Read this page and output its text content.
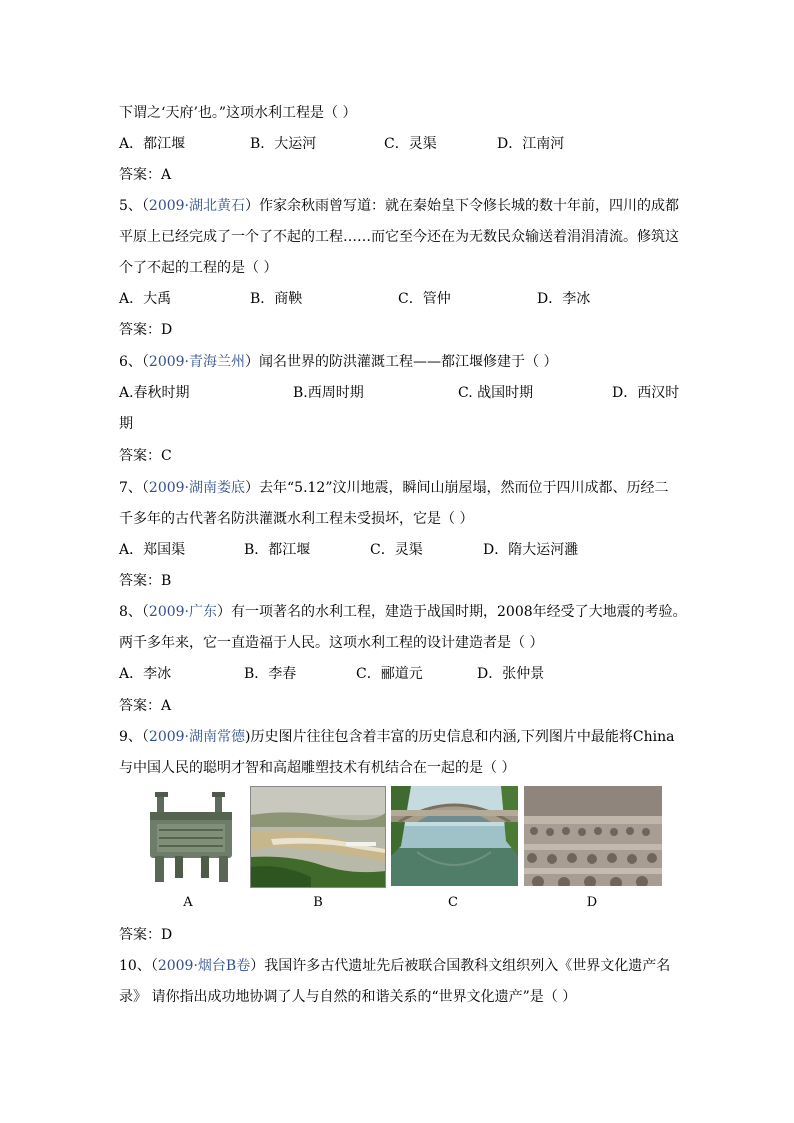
下谓之‘天府’也。”这项水利工程是（ ）
A．都江堰	B．大运河	C．灵渠	D．江南河
答案：A
5、（2009·湖北黄石）作家余秋雨曾写道：就在秦始皇下令修长城的数十年前，四川的成都
平原上已经完成了一个了不起的工程……而它至今还在为无数民众输送着涓涓清流。修筑这
个了不起的工程的是（ ）
A．大禹	B．商鞅	C．管仲	D．李冰
答案：D
6、（2009·青海兰州）闻名世界的防洪灌溉工程——都江堰修建于（ ）
A.春秋时期	B.西周时期	C. 战国时期	D．西汉时
期
答案：C
7、（2009·湖南娄底）去年“5.12”汶川地震，瞬间山崩屋塌，然而位于四川成都、历经二
千多年的古代著名防洪灌溉水利工程未受损坏，它是（ ）
A．郑国渠	B．都江堰	C．灵渠	D．隋大运河灉
答案：B
8、（2009·广东）有一项著名的水利工程，建造于战国时期，2008年经受了大地震的考验。
两千多年来，它一直造福于人民。这项水利工程的设计建造者是（ ）
A．李冰	B．李春	C．郦道元	D．张仲景
答案：A
9、（2009·湖南常德)历史图片往往包含着丰富的历史信息和内涵,下列图片中最能将China
与中国人民的聪明才智和高超雕塑技术有机结合在一起的是（ ）
A	B	C	D
答案：D
10、（2009·烟台B卷）我国许多古代遗址先后被联合国教科文组织列入《世界文化遗产名
录》 请你指出成功地协调了人与自然的和谐关系的“世界文化遗产”是（ ）
